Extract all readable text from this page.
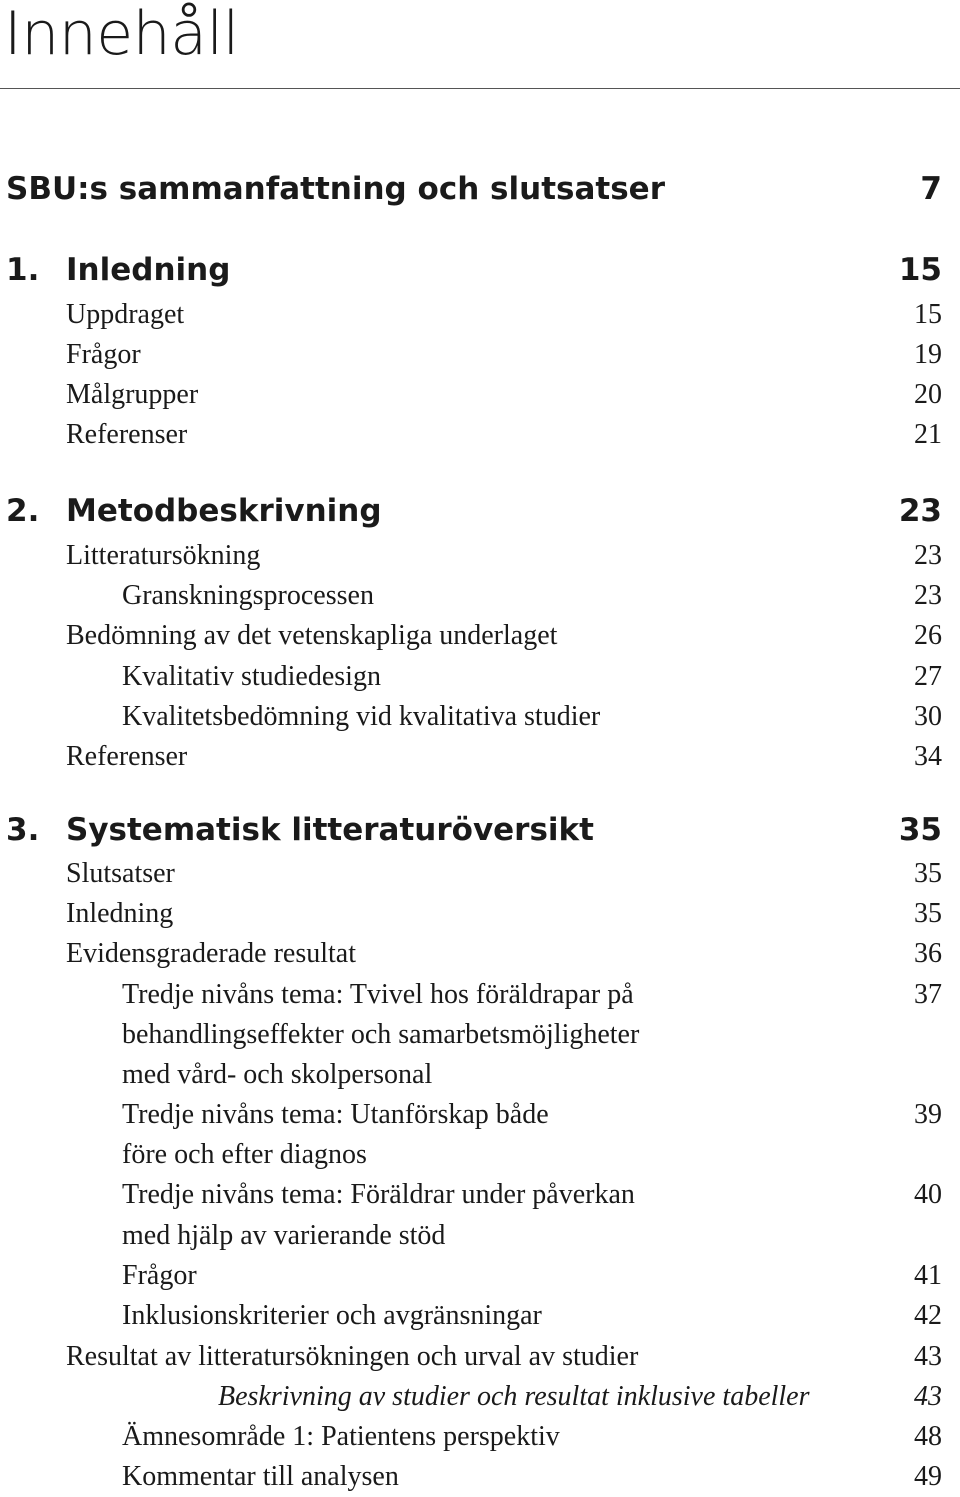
Innehåll
SBU:s sammanfattning och slutsatser	7
1. Inledning	15
Uppdraget	15
Frågor	19
Målgrupper	20
Referenser	21
2. Metodbeskrivning	23
Litteratursökning	23
Granskningsprocessen	23
Bedömning av det vetenskapliga underlaget	26
Kvalitativ studiedesign	27
Kvalitetsbedömning vid kvalitativa studier	30
Referenser	34
3. Systematisk litteraturöversikt	35
Slutsatser	35
Inledning	35
Evidensgraderade resultat	36
Tredje nivåns tema: Tvivel hos föräldrapar på	37
behandlingseffekter och samarbetsmöjligheter
med vård- och skolpersonal
Tredje nivåns tema: Utanförskap både	39
före och efter diagnos
Tredje nivåns tema: Föräldrar under påverkan	40
med hjälp av varierande stöd
Frågor	41
Inklusionskriterier och avgränsningar	42
Resultat av litteratursökningen och urval av studier	43
Beskrivning av studier och resultat inklusive tabeller	43
Ämnesområde 1: Patientens perspektiv	48
Kommentar till analysen	49
